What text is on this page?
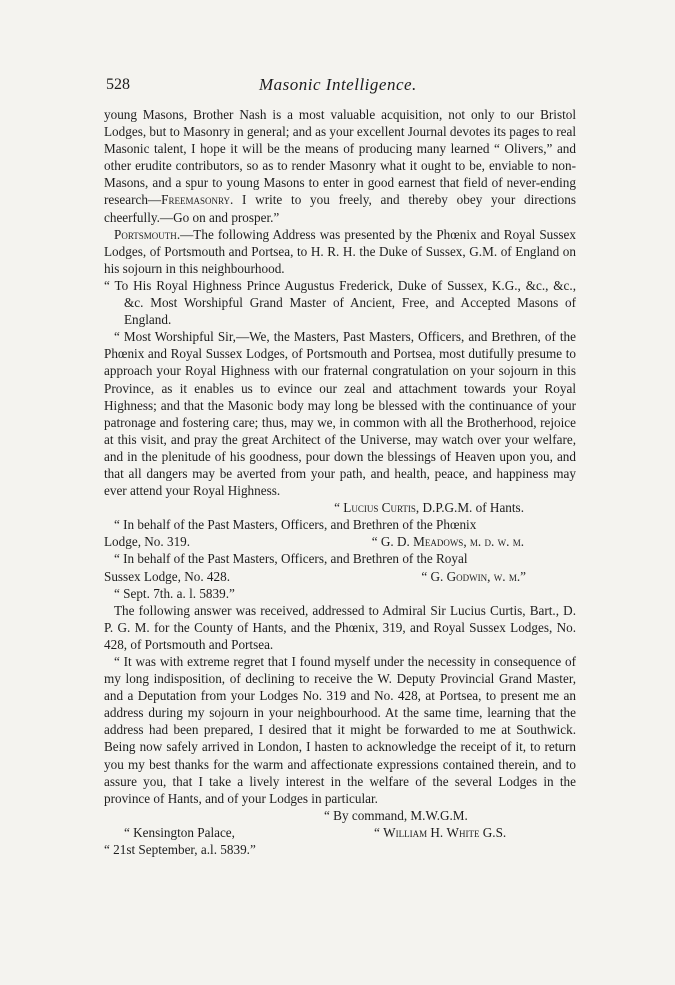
528	Masonic Intelligence.

young Masons, Brother Nash is a most valuable acquisition, not only to our Bristol Lodges, but to Masonry in general; and as your excellent Journal devotes its pages to real Masonic talent, I hope it will be the means of producing many learned “ Olivers,” and other erudite contributors, so as to render Masonry what it ought to be, enviable to non-Masons, and a spur to young Masons to enter in good earnest that field of never-ending research—Freemasonry. I write to you freely, and thereby obey your directions cheerfully.—Go on and prosper.”

Portsmouth.—The following Address was presented by the Phœnix and Royal Sussex Lodges, of Portsmouth and Portsea, to H. R. H. the Duke of Sussex, G.M. of England on his sojourn in this neighbourhood.

“ To His Royal Highness Prince Augustus Frederick, Duke of Sussex, K.G., &c., &c., &c. Most Worshipful Grand Master of Ancient, Free, and Accepted Masons of England.

“ Most Worshipful Sir,—We, the Masters, Past Masters, Officers, and Brethren, of the Phœnix and Royal Sussex Lodges, of Portsmouth and Portsea, most dutifully presume to approach your Royal Highness with our fraternal congratulation on your sojourn in this Province, as it enables us to evince our zeal and attachment towards your Royal Highness; and that the Masonic body may long be blessed with the continuance of your patronage and fostering care; thus, may we, in common with all the Brotherhood, rejoice at this visit, and pray the great Architect of the Universe, may watch over your welfare, and in the plenitude of his goodness, pour down the blessings of Heaven upon you, and that all dangers may be averted from your path, and health, peace, and happiness may ever attend your Royal Highness.

“ Lucius Curtis, D.P.G.M. of Hants.

“ In behalf of the Past Masters, Officers, and Brethren of the Phœnix

Lodge, No. 319.	“ G. D. Meadows, m. d. w. m.

“ In behalf of the Past Masters, Officers, and Brethren of the Royal

Sussex Lodge, No. 428.	“ G. Godwin, w. m.”

“ Sept. 7th. a. l. 5839.”

The following answer was received, addressed to Admiral Sir Lucius Curtis, Bart., D. P. G. M. for the County of Hants, and the Phœnix, 319, and Royal Sussex Lodges, No. 428, of Portsmouth and Portsea.

“ It was with extreme regret that I found myself under the necessity in consequence of my long indisposition, of declining to receive the W. Deputy Provincial Grand Master, and a Deputation from your Lodges No. 319 and No. 428, at Portsea, to present me an address during my sojourn in your neighbourhood. At the same time, learning that the address had been prepared, I desired that it might be forwarded to me at Southwick. Being now safely arrived in London, I hasten to acknowledge the receipt of it, to return you my best thanks for the warm and affectionate expressions contained therein, and to assure you, that I take a lively interest in the welfare of the several Lodges in the province of Hants, and of your Lodges in particular.

“ By command, M.W.G.M.

“ Kensington Palace,	“ William H. White G.S.

“ 21st September, a.l. 5839.”
